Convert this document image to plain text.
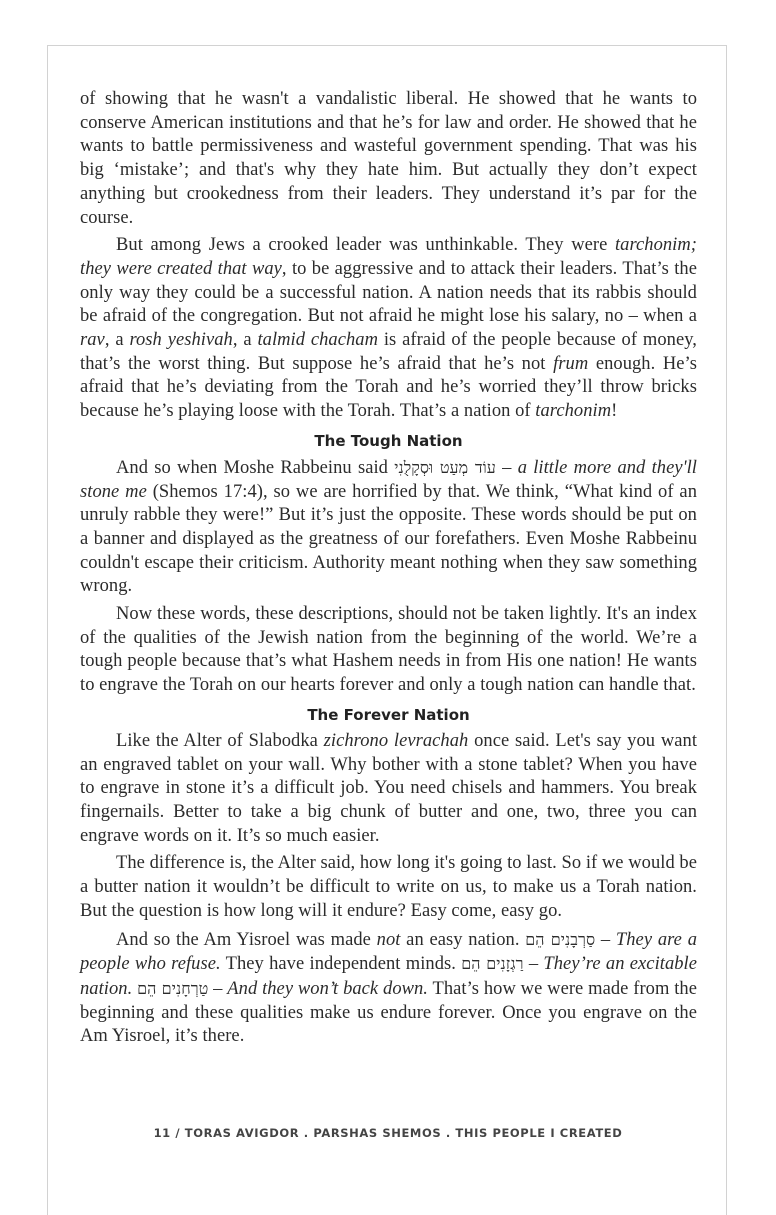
of showing that he wasn't a vandalistic liberal. He showed that he wants to conserve American institutions and that he’s for law and order. He showed that he wants to battle permissiveness and wasteful government spending. That was his big ‘mistake’; and that's why they hate him. But actually they don’t expect anything but crookedness from their leaders. They understand it’s par for the course.

But among Jews a crooked leader was unthinkable. They were tarchonim; they were created that way, to be aggressive and to attack their leaders. That’s the only way they could be a successful nation. A nation needs that its rabbis should be afraid of the congregation. But not afraid he might lose his salary, no – when a rav, a rosh yeshivah, a talmid chacham is afraid of the people because of money, that’s the worst thing. But suppose he’s afraid that he’s not frum enough. He’s afraid that he’s deviating from the Torah and he’s worried they’ll throw bricks because he’s playing loose with the Torah. That’s a nation of tarchonim!

The Tough Nation

And so when Moshe Rabbeinu said עוֹד מְעַט וּסְקָלֻנִי – a little more and they'll stone me (Shemos 17:4), so we are horrified by that. We think, “What kind of an unruly rabble they were!” But it’s just the opposite. These words should be put on a banner and displayed as the greatness of our forefathers. Even Moshe Rabbeinu couldn't escape their criticism. Authority meant nothing when they saw something wrong.

Now these words, these descriptions, should not be taken lightly. It's an index of the qualities of the Jewish nation from the beginning of the world. We’re a tough people because that’s what Hashem needs in from His one nation! He wants to engrave the Torah on our hearts forever and only a tough nation can handle that.

The Forever Nation

Like the Alter of Slabodka zichrono levrachah once said. Let's say you want an engraved tablet on your wall. Why bother with a stone tablet? When you have to engrave in stone it’s a difficult job. You need chisels and hammers. You break fingernails. Better to take a big chunk of butter and one, two, three you can engrave words on it. It’s so much easier.

The difference is, the Alter said, how long it's going to last. So if we would be a butter nation it wouldn’t be difficult to write on us, to make us a Torah nation. But the question is how long will it endure? Easy come, easy go.

And so the Am Yisroel was made not an easy nation. סַרְבָנִים הֵם – They are a people who refuse. They have independent minds. רַגְזָנִים הֵם – They’re an excitable nation. טַרְחָנִים הֵם – And they won’t back down. That’s how we were made from the beginning and these qualities make us endure forever. Once you engrave on the Am Yisroel, it’s there.

11 / TORAS AVIGDOR . PARSHAS SHEMOS . THIS PEOPLE I CREATED
